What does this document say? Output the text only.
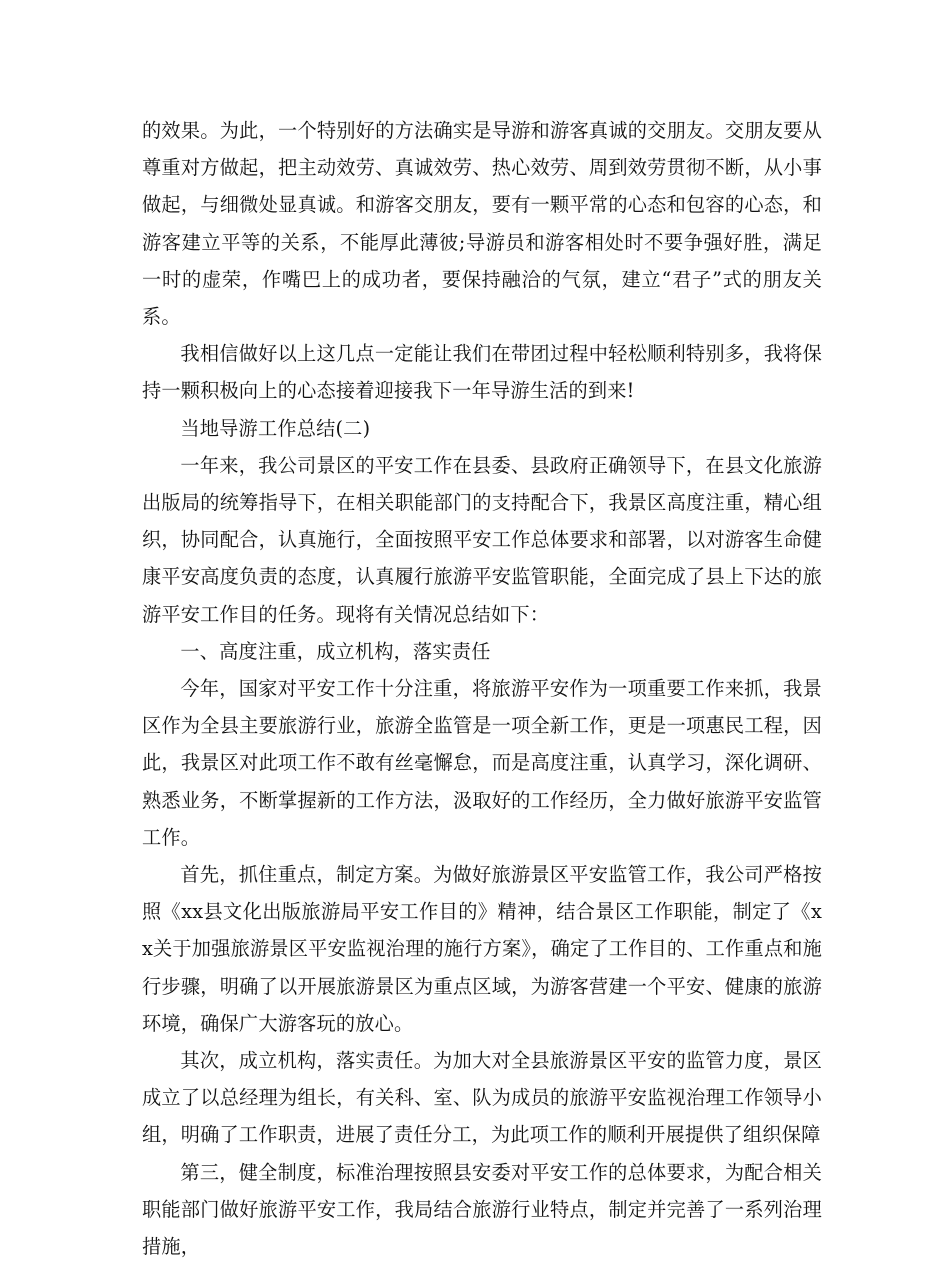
的效果。为此，一个特别好的方法确实是导游和游客真诚的交朋友。交朋友要从尊重对方做起，把主动效劳、真诚效劳、热心效劳、周到效劳贯彻不断，从小事做起，与细微处显真诚。和游客交朋友，要有一颗平常的心态和包容的心态，和游客建立平等的关系，不能厚此薄彼;导游员和游客相处时不要争强好胜，满足一时的虚荣，作嘴巴上的成功者，要保持融洽的气氛，建立“君子”式的朋友关系。

我相信做好以上这几点一定能让我们在带团过程中轻松顺利特别多，我将保持一颗积极向上的心态接着迎接我下一年导游生活的到来!

当地导游工作总结(二)

一年来，我公司景区的平安工作在县委、县政府正确领导下，在县文化旅游出版局的统筹指导下，在相关职能部门的支持配合下，我景区高度注重，精心组织，协同配合，认真施行，全面按照平安工作总体要求和部署，以对游客生命健康平安高度负责的态度，认真履行旅游平安监管职能，全面完成了县上下达的旅游平安工作目的任务。现将有关情况总结如下：

一、高度注重，成立机构，落实责任

今年，国家对平安工作十分注重，将旅游平安作为一项重要工作来抓，我景区作为全县主要旅游行业，旅游全监管是一项全新工作，更是一项惠民工程，因此，我景区对此项工作不敢有丝毫懈怠，而是高度注重，认真学习，深化调研、熟悉业务，不断掌握新的工作方法，汲取好的工作经历，全力做好旅游平安监管工作。

首先，抓住重点，制定方案。为做好旅游景区平安监管工作，我公司严格按照《xx县文化出版旅游局平安工作目的》精神，结合景区工作职能，制定了《xx关于加强旅游景区平安监视治理的施行方案》，确定了工作目的、工作重点和施行步骤，明确了以开展旅游景区为重点区域，为游客营建一个平安、健康的旅游环境，确保广大游客玩的放心。

其次，成立机构，落实责任。为加大对全县旅游景区平安的监管力度，景区成立了以总经理为组长，有关科、室、队为成员的旅游平安监视治理工作领导小组，明确了工作职责，进展了责任分工，为此项工作的顺利开展提供了组织保障

第三，健全制度，标准治理按照县安委对平安工作的总体要求，为配合相关职能部门做好旅游平安工作，我局结合旅游行业特点，制定并完善了一系列治理措施，
